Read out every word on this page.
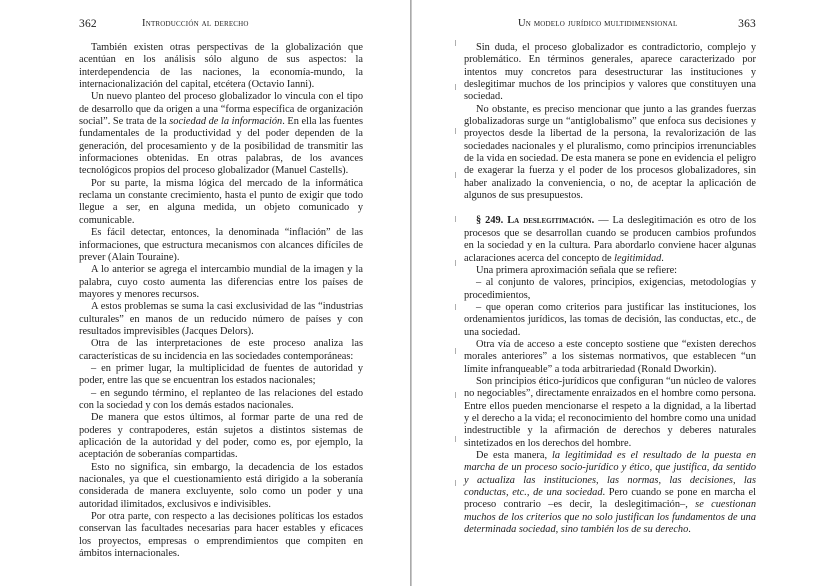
362	Introducción al derecho

También existen otras perspectivas de la globalización que acentúan en los análisis sólo alguno de sus aspectos: la interdependencia de las naciones, la economía-mundo, la internacionalización del capital, etcétera (Octavio Ianni).

Un nuevo planteo del proceso globalizador lo vincula con el tipo de desarrollo que da origen a una “forma específica de organización social”. Se trata de la sociedad de la información. En ella las fuentes fundamentales de la productividad y del poder dependen de la generación, del procesamiento y de la posibilidad de transmitir las informaciones obtenidas. En otras palabras, de los avances tecnológicos propios del proceso globalizador (Manuel Castells).

Por su parte, la misma lógica del mercado de la informática reclama un constante crecimiento, hasta el punto de exigir que todo llegue a ser, en alguna medida, un objeto comunicado y comunicable.

Es fácil detectar, entonces, la denominada “inflación” de las informaciones, que estructura mecanismos con alcances difíciles de prever (Alain Touraine).

A lo anterior se agrega el intercambio mundial de la imagen y la palabra, cuyo costo aumenta las diferencias entre los países de mayores y menores recursos.

A estos problemas se suma la casi exclusividad de las “industrias culturales” en manos de un reducido número de países y con resultados imprevisibles (Jacques Delors).

Otra de las interpretaciones de este proceso analiza las características de su incidencia en las sociedades contemporáneas:

– en primer lugar, la multiplicidad de fuentes de autoridad y poder, entre las que se encuentran los estados nacionales;

– en segundo término, el replanteo de las relaciones del estado con la sociedad y con los demás estados nacionales.

De manera que estos últimos, al formar parte de una red de poderes y contrapoderes, están sujetos a distintos sistemas de aplicación de la autoridad y del poder, como es, por ejemplo, la aceptación de soberanías compartidas.

Esto no significa, sin embargo, la decadencia de los estados nacionales, ya que el cuestionamiento está dirigido a la soberanía considerada de manera excluyente, solo como un poder y una autoridad ilimitados, exclusivos e indivisibles.

Por otra parte, con respecto a las decisiones políticas los estados conservan las facultades necesarias para hacer estables y eficaces los proyectos, empresas o emprendimientos que compiten en ámbitos internacionales.

Un modelo jurídico multidimensional	363

Sin duda, el proceso globalizador es contradictorio, complejo y problemático. En términos generales, aparece caracterizado por intentos muy concretos para desestructurar las instituciones y deslegitimar muchos de los principios y valores que constituyen una sociedad.

No obstante, es preciso mencionar que junto a las grandes fuerzas globalizadoras surge un “antiglobalismo” que enfoca sus decisiones y proyectos desde la libertad de la persona, la revalorización de las sociedades nacionales y el pluralismo, como principios irrenunciables de la vida en sociedad. De esta manera se pone en evidencia el peligro de exagerar la fuerza y el poder de los procesos globalizadores, sin haber analizado la conveniencia, o no, de aceptar la aplicación de algunos de sus presupuestos.

§ 249. La deslegitimación. — La deslegitimación es otro de los procesos que se desarrollan cuando se producen cambios profundos en la sociedad y en la cultura. Para abordarlo conviene hacer algunas aclaraciones acerca del concepto de legitimidad.

Una primera aproximación señala que se refiere:

– al conjunto de valores, principios, exigencias, metodologías y procedimientos,

– que operan como criterios para justificar las instituciones, los ordenamientos jurídicos, las tomas de decisión, las conductas, etc., de una sociedad.

Otra vía de acceso a este concepto sostiene que “existen derechos morales anteriores” a los sistemas normativos, que establecen “un límite infranqueable” a toda arbitrariedad (Ronald Dworkin).

Son principios ético-jurídicos que configuran “un núcleo de valores no negociables”, directamente enraizados en el hombre como persona. Entre ellos pueden mencionarse el respeto a la dignidad, a la libertad y el derecho a la vida; el reconocimiento del hombre como una unidad indestructible y la afirmación de derechos y deberes naturales sintetizados en los derechos del hombre.

De esta manera, la legitimidad es el resultado de la puesta en marcha de un proceso socio-jurídico y ético, que justifica, da sentido y actualiza las instituciones, las normas, las decisiones, las conductas, etc., de una sociedad. Pero cuando se pone en marcha el proceso contrario –es decir, la deslegitimación–, se cuestionan muchos de los criterios que no solo justifican los fundamentos de una determinada sociedad, sino también los de su derecho.
